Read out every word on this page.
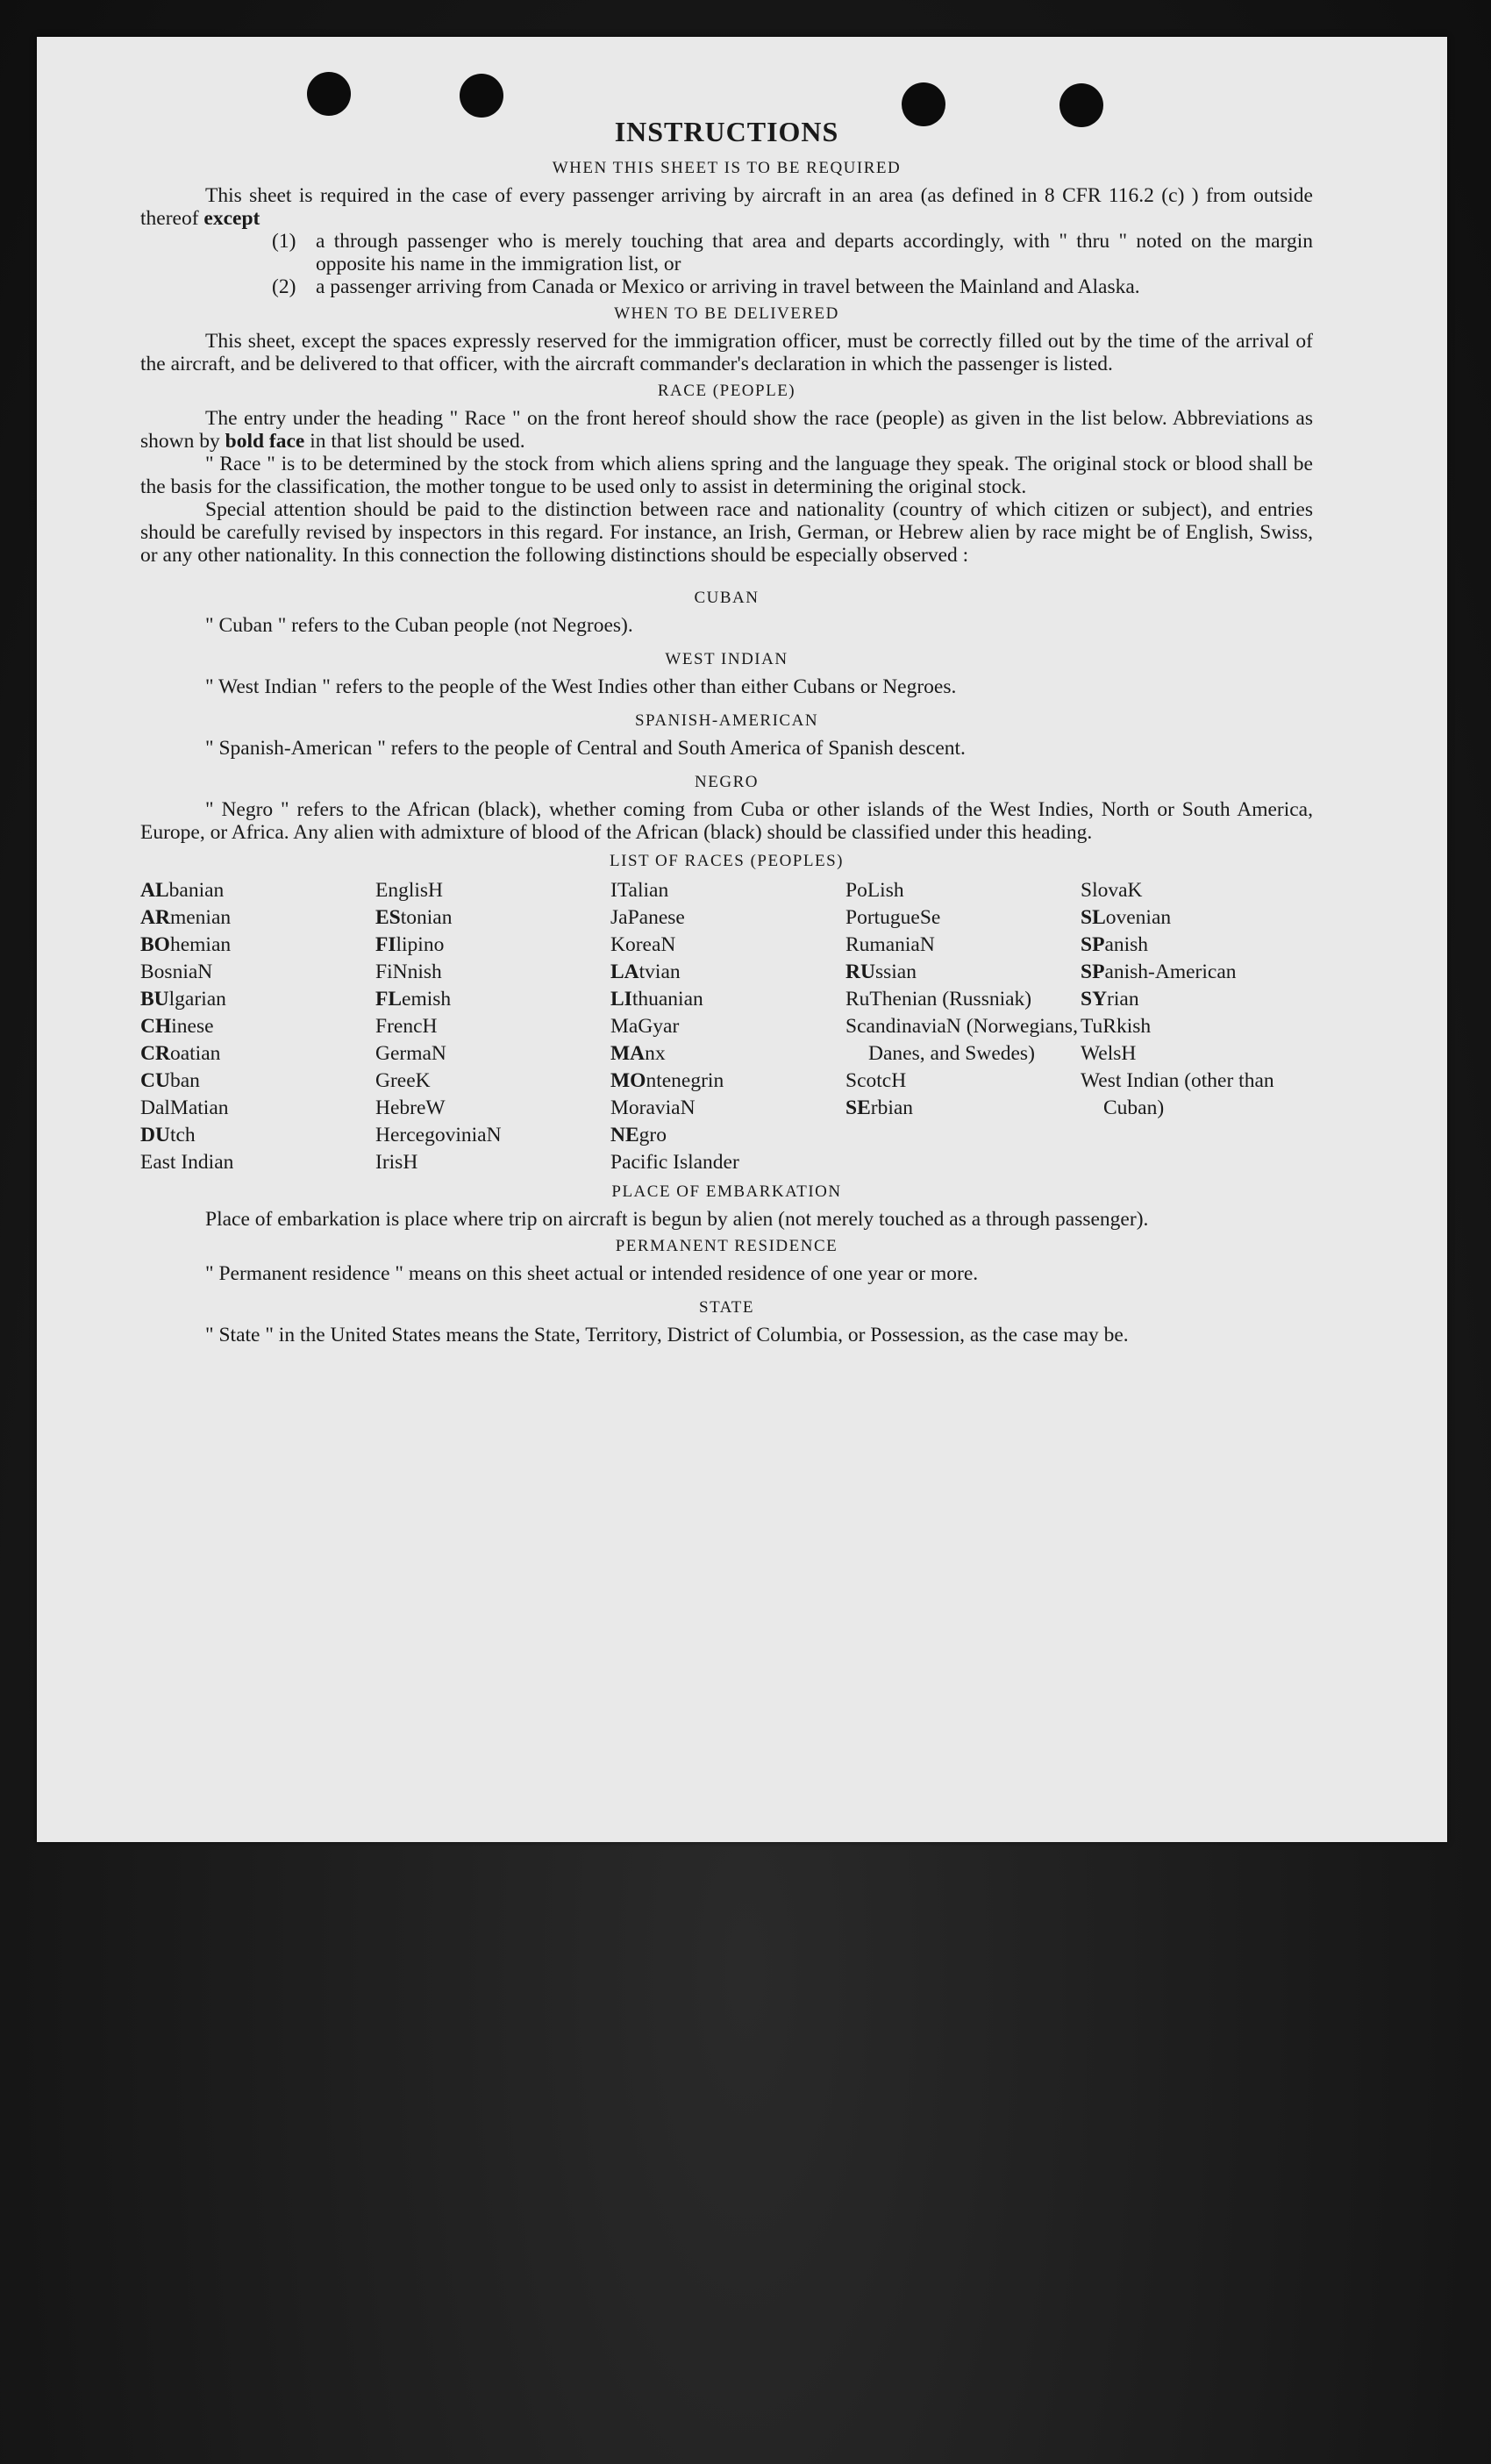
INSTRUCTIONS
WHEN THIS SHEET IS TO BE REQUIRED

This sheet is required in the case of every passenger arriving by aircraft in an area (as defined in 8 CFR 116.2 (c) ) from outside thereof except

(1) a through passenger who is merely touching that area and departs accordingly, with " thru " noted on the margin opposite his name in the immigration list, or
(2) a passenger arriving from Canada or Mexico or arriving in travel between the Mainland and Alaska.
WHEN TO BE DELIVERED

This sheet, except the spaces expressly reserved for the immigration officer, must be correctly filled out by the time of the arrival of the aircraft, and be delivered to that officer, with the aircraft commander's declaration in which the passenger is listed.

RACE (PEOPLE)

The entry under the heading " Race " on the front hereof should show the race (people) as given in the list below. Abbreviations as shown by bold face in that list should be used.

" Race " is to be determined by the stock from which aliens spring and the language they speak. The original stock or blood shall be the basis for the classification, the mother tongue to be used only to assist in determining the original stock.

Special attention should be paid to the distinction between race and nationality (country of which citizen or subject), and entries should be carefully revised by inspectors in this regard. For instance, an Irish, German, or Hebrew alien by race might be of English, Swiss, or any other nationality. In this connection the following distinctions should be especially observed :

CUBAN

" Cuban " refers to the Cuban people (not Negroes).

WEST INDIAN

" West Indian " refers to the people of the West Indies other than either Cubans or Negroes.

SPANISH-AMERICAN

" Spanish-American " refers to the people of Central and South America of Spanish descent.

NEGRO

" Negro " refers to the African (black), whether coming from Cuba or other islands of the West Indies, North or South America, Europe, or Africa. Any alien with admixture of blood of the African (black) should be classified under this heading.

LIST OF RACES (PEOPLES)
ALbanian
ARmenian
BOhemian
BosniaN
BUlgarian
CHinese
CRoatian
CUban
DalMatian
DUtch
East Indian
EnglisH
EStonian
FIlipino
FiNnish
FLemish
FrencH
GermaN
GreeK
HebreW
HercegoviniaN
IrisH
ITalian
JaPanese
KoreaN
LAtvian
LIthuanian
MaGyar
MAnx
MOntenegrin
MoraviaN
NEgro
Pacific Islander
PoLish
PortugueSe
RumaniaN
RUssian
RuThenian (Russniak)
ScandinaviaN (Norwegians, Danes, and Swedes)
ScotcH
SErbian
SlovaK
SLovenian
SPanish
SPanish-American
SYrian
TuRkish
WelsH
West Indian (other than Cuban)
PLACE OF EMBARKATION

Place of embarkation is place where trip on aircraft is begun by alien (not merely touched as a through passenger).

PERMANENT RESIDENCE

" Permanent residence " means on this sheet actual or intended residence of one year or more.

STATE

" State " in the United States means the State, Territory, District of Columbia, or Possession, as the case may be.
